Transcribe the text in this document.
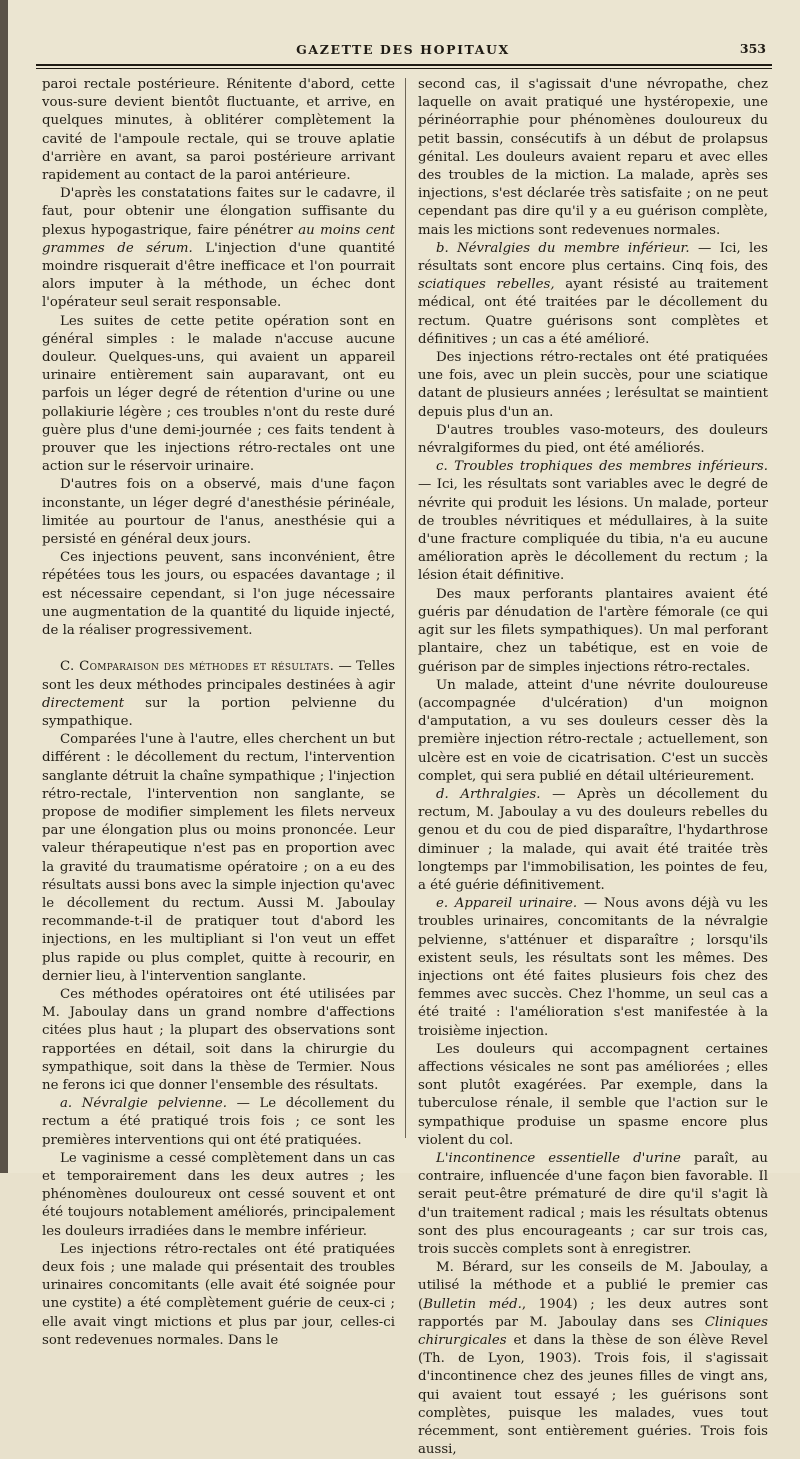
GAZETTE DES HOPITAUX	353

paroi rectale postérieure. Rénitente d'abord, cette vous-sure devient bientôt fluctuante, et arrive, en quelques minutes, à oblitérer complètement la cavité de l'ampoule rectale, qui se trouve aplatie d'arrière en avant, sa paroi postérieure arrivant rapidement au contact de la paroi antérieure.

D'après les constatations faites sur le cadavre, il faut, pour obtenir une élongation suffisante du plexus hypogastrique, faire pénétrer au moins cent grammes de sérum. L'injection d'une quantité moindre risquerait d'être inefficace et l'on pourrait alors imputer à la méthode, un échec dont l'opérateur seul serait responsable.

Les suites de cette petite opération sont en général simples : le malade n'accuse aucune douleur. Quelques-uns, qui avaient un appareil urinaire entièrement sain auparavant, ont eu parfois un léger degré de rétention d'urine ou une pollakiurie légère ; ces troubles n'ont du reste duré guère plus d'une demi-journée ; ces faits tendent à prouver que les injections rétro-rectales ont une action sur le réservoir urinaire.

D'autres fois on a observé, mais d'une façon inconstante, un léger degré d'anesthésie périnéale, limitée au pourtour de l'anus, anesthésie qui a persisté en général deux jours.

Ces injections peuvent, sans inconvénient, être répétées tous les jours, ou espacées davantage ; il est nécessaire cependant, si l'on juge nécessaire une augmentation de la quantité du liquide injecté, de la réaliser progressivement.

C. Comparaison des méthodes et résultats. — Telles sont les deux méthodes principales destinées à agir directement sur la portion pelvienne du sympathique.

Comparées l'une à l'autre, elles cherchent un but différent : le décollement du rectum, l'intervention sanglante détruit la chaîne sympathique ; l'injection rétro-rectale, l'intervention non sanglante, se propose de modifier simplement les filets nerveux par une élongation plus ou moins prononcée. Leur valeur thérapeutique n'est pas en proportion avec la gravité du traumatisme opératoire ; on a eu des résultats aussi bons avec la simple injection qu'avec le décollement du rectum. Aussi M. Jaboulay recommande-t-il de pratiquer tout d'abord les injections, en les multipliant si l'on veut un effet plus rapide ou plus complet, quitte à recourir, en dernier lieu, à l'intervention sanglante.

Ces méthodes opératoires ont été utilisées par M. Jaboulay dans un grand nombre d'affections citées plus haut ; la plupart des observations sont rapportées en détail, soit dans la chirurgie du sympathique, soit dans la thèse de Termier. Nous ne ferons ici que donner l'ensemble des résultats.

a. Névralgie pelvienne. — Le décollement du rectum a été pratiqué trois fois ; ce sont les premières interventions qui ont été pratiquées.

Le vaginisme a cessé complètement dans un cas et temporairement dans les deux autres ; les phénomènes douloureux ont cessé souvent et ont été toujours notablement améliorés, principalement les douleurs irradiées dans le membre inférieur.

Les injections rétro-rectales ont été pratiquées deux fois ; une malade qui présentait des troubles urinaires concomitants (elle avait été soignée pour une cystite) a été complètement guérie de ceux-ci ; elle avait vingt mictions et plus par jour, celles-ci sont redevenues normales. Dans le

second cas, il s'agissait d'une névropathe, chez laquelle on avait pratiqué une hystéropexie, une périnéorraphie pour phénomènes douloureux du petit bassin, consécutifs à un début de prolapsus génital. Les douleurs avaient reparu et avec elles des troubles de la miction. La malade, après ses injections, s'est déclarée très satisfaite ; on ne peut cependant pas dire qu'il y a eu guérison complète, mais les mictions sont redevenues normales.

b. Névralgies du membre inférieur. — Ici, les résultats sont encore plus certains. Cinq fois, des sciatiques rebelles, ayant résisté au traitement médical, ont été traitées par le décollement du rectum. Quatre guérisons sont complètes et définitives ; un cas a été amélioré.

Des injections rétro-rectales ont été pratiquées une fois, avec un plein succès, pour une sciatique datant de plusieurs années ; lerésultat se maintient depuis plus d'un an.

D'autres troubles vaso-moteurs, des douleurs névralgiformes du pied, ont été améliorés.

c. Troubles trophiques des membres inférieurs. — Ici, les résultats sont variables avec le degré de névrite qui produit les lésions. Un malade, porteur de troubles névritiques et médullaires, à la suite d'une fracture compliquée du tibia, n'a eu aucune amélioration après le décollement du rectum ; la lésion était définitive.

Des maux perforants plantaires avaient été guéris par dénudation de l'artère fémorale (ce qui agit sur les filets sympathiques). Un mal perforant plantaire, chez un tabétique, est en voie de guérison par de simples injections rétro-rectales.

Un malade, atteint d'une névrite douloureuse (accompagnée d'ulcération) d'un moignon d'amputation, a vu ses douleurs cesser dès la première injection rétro-rectale ; actuellement, son ulcère est en voie de cicatrisation. C'est un succès complet, qui sera publié en détail ultérieurement.

d. Arthralgies. — Après un décollement du rectum, M. Jaboulay a vu des douleurs rebelles du genou et du cou de pied disparaître, l'hydarthrose diminuer ; la malade, qui avait été traitée très longtemps par l'immobilisation, les pointes de feu, a été guérie définitivement.

e. Appareil urinaire. — Nous avons déjà vu les troubles urinaires, concomitants de la névralgie pelvienne, s'atténuer et disparaître ; lorsqu'ils existent seuls, les résultats sont les mêmes. Des injections ont été faites plusieurs fois chez des femmes avec succès. Chez l'homme, un seul cas a été traité : l'amélioration s'est manifestée à la troisième injection.

Les douleurs qui accompagnent certaines affections vésicales ne sont pas améliorées ; elles sont plutôt exagérées. Par exemple, dans la tuberculose rénale, il semble que l'action sur le sympathique produise un spasme encore plus violent du col.

L'incontinence essentielle d'urine paraît, au contraire, influencée d'une façon bien favorable. Il serait peut-être prématuré de dire qu'il s'agit là d'un traitement radical ; mais les résultats obtenus sont des plus encourageants ; car sur trois cas, trois succès complets sont à enregistrer.

M. Bérard, sur les conseils de M. Jaboulay, a utilisé la méthode et a publié le premier cas (Bulletin méd., 1904) ; les deux autres sont rapportés par M. Jaboulay dans ses Cliniques chirurgicales et dans la thèse de son élève Revel (Th. de Lyon, 1903). Trois fois, il s'agissait d'incontinence chez des jeunes filles de vingt ans, qui avaient tout essayé ; les guérisons sont complètes, puisque les malades, vues tout récemment, sont entièrement guéries. Trois fois aussi,
